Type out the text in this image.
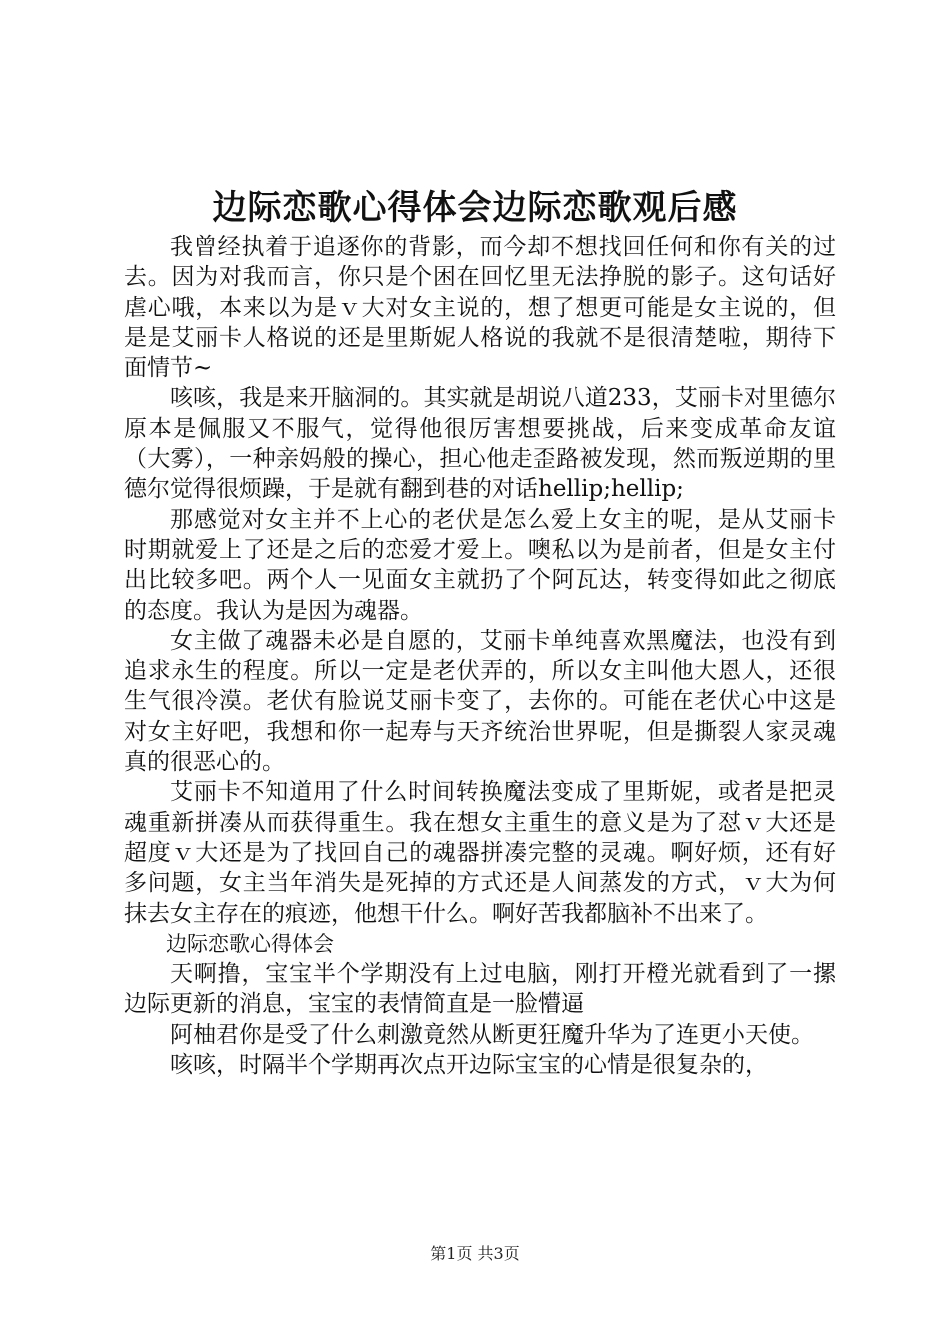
边际恋歌心得体会边际恋歌观后感

我曾经执着于追逐你的背影，而今却不想找回任何和你有关的过去。因为对我而言，你只是个困在回忆里无法挣脱的影子。这句话好虐心哦，本来以为是ｖ大对女主说的，想了想更可能是女主说的，但是是艾丽卡人格说的还是里斯妮人格说的我就不是很清楚啦，期待下面情节~

咳咳，我是来开脑洞的。其实就是胡说八道233，艾丽卡对里德尔原本是佩服又不服气，觉得他很厉害想要挑战，后来变成革命友谊（大雾），一种亲妈般的操心，担心他走歪路被发现，然而叛逆期的里德尔觉得很烦躁，于是就有翻到巷的对话hellip;hellip;

那感觉对女主并不上心的老伏是怎么爱上女主的呢，是从艾丽卡时期就爱上了还是之后的恋爱才爱上。噢私以为是前者，但是女主付出比较多吧。两个人一见面女主就扔了个阿瓦达，转变得如此之彻底的态度。我认为是因为魂器。

女主做了魂器未必是自愿的，艾丽卡单纯喜欢黑魔法，也没有到追求永生的程度。所以一定是老伏弄的，所以女主叫他大恩人，还很生气很冷漠。老伏有脸说艾丽卡变了，去你的。可能在老伏心中这是对女主好吧，我想和你一起寿与天齐统治世界呢，但是撕裂人家灵魂真的很恶心的。

艾丽卡不知道用了什么时间转换魔法变成了里斯妮，或者是把灵魂重新拼凑从而获得重生。我在想女主重生的意义是为了怼ｖ大还是超度ｖ大还是为了找回自己的魂器拼凑完整的灵魂。啊好烦，还有好多问题，女主当年消失是死掉的方式还是人间蒸发的方式，ｖ大为何抹去女主存在的痕迹，他想干什么。啊好苦我都脑补不出来了。

边际恋歌心得体会

天啊撸，宝宝半个学期没有上过电脑，刚打开橙光就看到了一摞边际更新的消息，宝宝的表情简直是一脸懵逼

阿柚君你是受了什么刺激竟然从断更狂魔升华为了连更小天使。

咳咳，时隔半个学期再次点开边际宝宝的心情是很复杂的，

第1页 共3页
